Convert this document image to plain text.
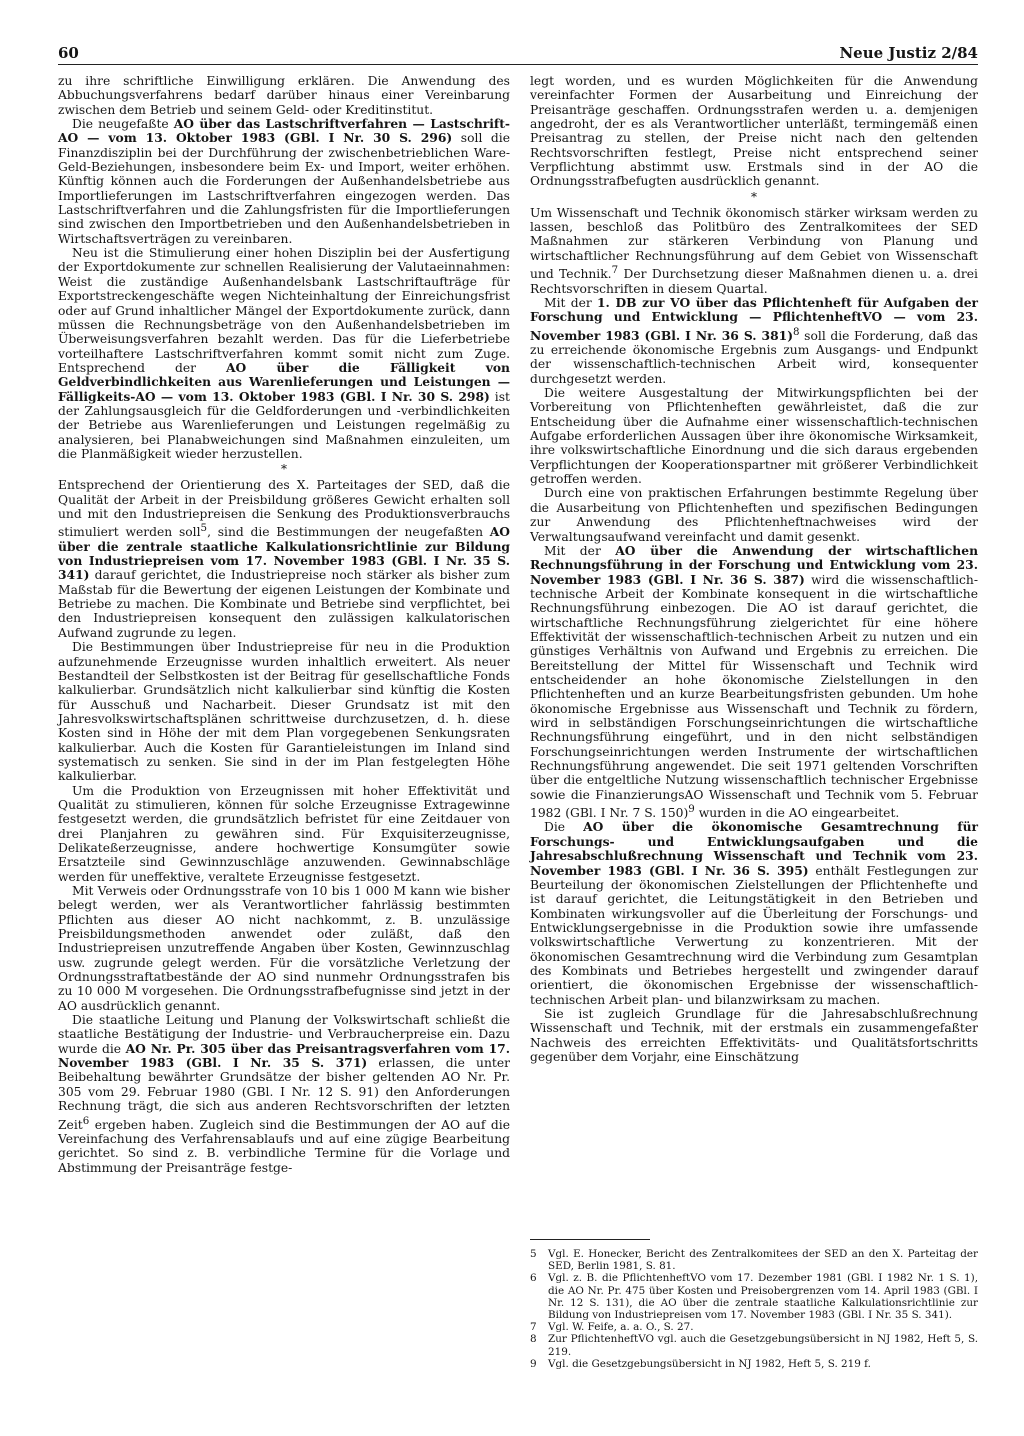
60	Neue Justiz 2/84

zu ihre schriftliche Einwilligung erklären. Die Anwendung des Abbuchungsverfahrens bedarf darüber hinaus einer Vereinbarung zwischen dem Betrieb und seinem Geld- oder Kreditinstitut.

Die neugefaßte AO über das Lastschriftverfahren — Lastschrift-AO — vom 13. Oktober 1983 (GBl. I Nr. 30 S. 296) soll die Finanzdisziplin bei der Durchführung der zwischenbetrieblichen Ware-Geld-Beziehungen, insbesondere beim Ex- und Import, weiter erhöhen. Künftig können auch die Forderungen der Außenhandelsbetriebe aus Importlieferungen im Lastschriftverfahren eingezogen werden. Das Lastschriftverfahren und die Zahlungsfristen für die Importlieferungen sind zwischen den Importbetrieben und den Außenhandelsbetrieben in Wirtschaftsverträgen zu vereinbaren.

Neu ist die Stimulierung einer hohen Disziplin bei der Ausfertigung der Exportdokumente zur schnellen Realisierung der Valutaeinnahmen: Weist die zuständige Außenhandelsbank Lastschriftaufträge für Exportstreckengeschäfte wegen Nichteinhaltung der Einreichungsfrist oder auf Grund inhaltlicher Mängel der Exportdokumente zurück, dann müssen die Rechnungsbeträge von den Außenhandelsbetrieben im Überweisungsverfahren bezahlt werden. Das für die Lieferbetriebe vorteilhaftere Lastschriftverfahren kommt somit nicht zum Zuge. Entsprechend der AO über die Fälligkeit von Geldverbindlichkeiten aus Warenlieferungen und Leistungen — Fälligkeits-AO — vom 13. Oktober 1983 (GBl. I Nr. 30 S. 298) ist der Zahlungsausgleich für die Geldforderungen und -verbindlichkeiten der Betriebe aus Warenlieferungen und Leistungen regelmäßig zu analysieren, bei Planabweichungen sind Maßnahmen einzuleiten, um die Planmäßigkeit wieder herzustellen.

*

Entsprechend der Orientierung des X. Parteitages der SED, daß die Qualität der Arbeit in der Preisbildung größeres Gewicht erhalten soll und mit den Industriepreisen die Senkung des Produktionsverbrauchs stimuliert werden soll$^5$, sind die Bestimmungen der neugefaßten AO über die zentrale staatliche Kalkulationsrichtlinie zur Bildung von Industriepreisen vom 17. November 1983 (GBl. I Nr. 35 S. 341) darauf gerichtet, die Industriepreise noch stärker als bisher zum Maßstab für die Bewertung der eigenen Leistungen der Kombinate und Betriebe zu machen. Die Kombinate und Betriebe sind verpflichtet, bei den Industriepreisen konsequent den zulässigen kalkulatorischen Aufwand zugrunde zu legen.

Die Bestimmungen über Industriepreise für neu in die Produktion aufzunehmende Erzeugnisse wurden inhaltlich erweitert. Als neuer Bestandteil der Selbstkosten ist der Beitrag für gesellschaftliche Fonds kalkulierbar. Grundsätzlich nicht kalkulierbar sind künftig die Kosten für Ausschuß und Nacharbeit. Dieser Grundsatz ist mit den Jahresvolkswirtschaftsplänen schrittweise durchzusetzen, d. h. diese Kosten sind in Höhe der mit dem Plan vorgegebenen Senkungsraten kalkulierbar. Auch die Kosten für Garantieleistungen im Inland sind systematisch zu senken. Sie sind in der im Plan festgelegten Höhe kalkulierbar.

Um die Produktion von Erzeugnissen mit hoher Effektivität und Qualität zu stimulieren, können für solche Erzeugnisse Extragewinne festgesetzt werden, die grundsätzlich befristet für eine Zeitdauer von drei Planjahren zu gewähren sind. Für Exquisiterzeugnisse, Delikateßerzeugnisse, andere hochwertige Konsumgüter sowie Ersatzteile sind Gewinnzuschläge anzuwenden. Gewinnabschläge werden für uneffektive, veraltete Erzeugnisse festgesetzt.

Mit Verweis oder Ordnungsstrafe von 10 bis 1 000 M kann wie bisher belegt werden, wer als Verantwortlicher fahrlässig bestimmten Pflichten aus dieser AO nicht nachkommt, z. B. unzulässige Preisbildungsmethoden anwendet oder zuläßt, daß den Industriepreisen unzutreffende Angaben über Kosten, Gewinnzuschlag usw. zugrunde gelegt werden. Für die vorsätzliche Verletzung der Ordnungsstraftatbestände der AO sind nunmehr Ordnungsstrafen bis zu 10 000 M vorgesehen. Die Ordnungsstrafbefugnisse sind jetzt in der AO ausdrücklich genannt.

Die staatliche Leitung und Planung der Volkswirtschaft schließt die staatliche Bestätigung der Industrie- und Verbraucherpreise ein. Dazu wurde die AO Nr. Pr. 305 über das Preisantragsverfahren vom 17. November 1983 (GBl. I Nr. 35 S. 371) erlassen, die unter Beibehaltung bewährter Grundsätze der bisher geltenden AO Nr. Pr. 305 vom 29. Februar 1980 (GBl. I Nr. 12 S. 91) den Anforderungen Rechnung trägt, die sich aus anderen Rechtsvorschriften der letzten Zeit$^6$ ergeben haben. Zugleich sind die Bestimmungen der AO auf die Vereinfachung des Verfahrensablaufs und auf eine zügige Bearbeitung gerichtet. So sind z. B. verbindliche Termine für die Vorlage und Abstimmung der Preisanträge festge-

legt worden, und es wurden Möglichkeiten für die Anwendung vereinfachter Formen der Ausarbeitung und Einreichung der Preisanträge geschaffen. Ordnungsstrafen werden u. a. demjenigen angedroht, der es als Verantwortlicher unterläßt, termingemäß einen Preisantrag zu stellen, der Preise nicht nach den geltenden Rechtsvorschriften festlegt, Preise nicht entsprechend seiner Verpflichtung abstimmt usw. Erstmals sind in der AO die Ordnungsstrafbefugten ausdrücklich genannt.

*

Um Wissenschaft und Technik ökonomisch stärker wirksam werden zu lassen, beschloß das Politbüro des Zentralkomitees der SED Maßnahmen zur stärkeren Verbindung von Planung und wirtschaftlicher Rechnungsführung auf dem Gebiet von Wissenschaft und Technik.$^7$ Der Durchsetzung dieser Maßnahmen dienen u. a. drei Rechtsvorschriften in diesem Quartal.

Mit der 1. DB zur VO über das Pflichtenheft für Aufgaben der Forschung und Entwicklung — PflichtenheftVO — vom 23. November 1983 (GBl. I Nr. 36 S. 381)$^8$ soll die Forderung, daß das zu erreichende ökonomische Ergebnis zum Ausgangs- und Endpunkt der wissenschaftlich-technischen Arbeit wird, konsequenter durchgesetzt werden.

Die weitere Ausgestaltung der Mitwirkungspflichten bei der Vorbereitung von Pflichtenheften gewährleistet, daß die zur Entscheidung über die Aufnahme einer wissenschaftlich-technischen Aufgabe erforderlichen Aussagen über ihre ökonomische Wirksamkeit, ihre volkswirtschaftliche Einordnung und die sich daraus ergebenden Verpflichtungen der Kooperationspartner mit größerer Verbindlichkeit getroffen werden.

Durch eine von praktischen Erfahrungen bestimmte Regelung über die Ausarbeitung von Pflichtenheften und spezifischen Bedingungen zur Anwendung des Pflichtenheftnachweises wird der Verwaltungsaufwand vereinfacht und damit gesenkt.

Mit der AO über die Anwendung der wirtschaftlichen Rechnungsführung in der Forschung und Entwicklung vom 23. November 1983 (GBl. I Nr. 36 S. 387) wird die wissenschaftlich-technische Arbeit der Kombinate konsequent in die wirtschaftliche Rechnungsführung einbezogen. Die AO ist darauf gerichtet, die wirtschaftliche Rechnungsführung zielgerichtet für eine höhere Effektivität der wissenschaftlich-technischen Arbeit zu nutzen und ein günstiges Verhältnis von Aufwand und Ergebnis zu erreichen. Die Bereitstellung der Mittel für Wissenschaft und Technik wird entscheidender an hohe ökonomische Zielstellungen in den Pflichtenheften und an kurze Bearbeitungsfristen gebunden. Um hohe ökonomische Ergebnisse aus Wissenschaft und Technik zu fördern, wird in selbständigen Forschungseinrichtungen die wirtschaftliche Rechnungsführung eingeführt, und in den nicht selbständigen Forschungseinrichtungen werden Instrumente der wirtschaftlichen Rechnungsführung angewendet. Die seit 1971 geltenden Vorschriften über die entgeltliche Nutzung wissenschaftlich technischer Ergebnisse sowie die FinanzierungsAO Wissenschaft und Technik vom 5. Februar 1982 (GBl. I Nr. 7 S. 150)$^9$ wurden in die AO eingearbeitet.

Die AO über die ökonomische Gesamtrechnung für Forschungs- und Entwicklungsaufgaben und die Jahresabschlußrechnung Wissenschaft und Technik vom 23. November 1983 (GBl. I Nr. 36 S. 395) enthält Festlegungen zur Beurteilung der ökonomischen Zielstellungen der Pflichtenhefte und ist darauf gerichtet, die Leitungstätigkeit in den Betrieben und Kombinaten wirkungsvoller auf die Überleitung der Forschungs- und Entwicklungsergebnisse in die Produktion sowie ihre umfassende volkswirtschaftliche Verwertung zu konzentrieren. Mit der ökonomischen Gesamtrechnung wird die Verbindung zum Gesamtplan des Kombinats und Betriebes hergestellt und zwingender darauf orientiert, die ökonomischen Ergebnisse der wissenschaftlich-technischen Arbeit plan- und bilanzwirksam zu machen.

Sie ist zugleich Grundlage für die Jahresabschlußrechnung Wissenschaft und Technik, mit der erstmals ein zusammengefaßter Nachweis des erreichten Effektivitäts- und Qualitätsfortschritts gegenüber dem Vorjahr, eine Einschätzung

5	Vgl. E. Honecker, Bericht des Zentralkomitees der SED an den X. Parteitag der SED, Berlin 1981, S. 81.
6	Vgl. z. B. die PflichtenheftVO vom 17. Dezember 1981 (GBl. I 1982 Nr. 1 S. 1), die AO Nr. Pr. 475 über Kosten und Preisobergrenzen vom 14. April 1983 (GBl. I Nr. 12 S. 131), die AO über die zentrale staatliche Kalkulationsrichtlinie zur Bildung von Industriepreisen vom 17. November 1983 (GBl. I Nr. 35 S. 341).
7	Vgl. W. Feife, a. a. O., S. 27.
8	Zur PflichtenheftVO vgl. auch die Gesetzgebungsübersicht in NJ 1982, Heft 5, S. 219.
9	Vgl. die Gesetzgebungsübersicht in NJ 1982, Heft 5, S. 219 f.
